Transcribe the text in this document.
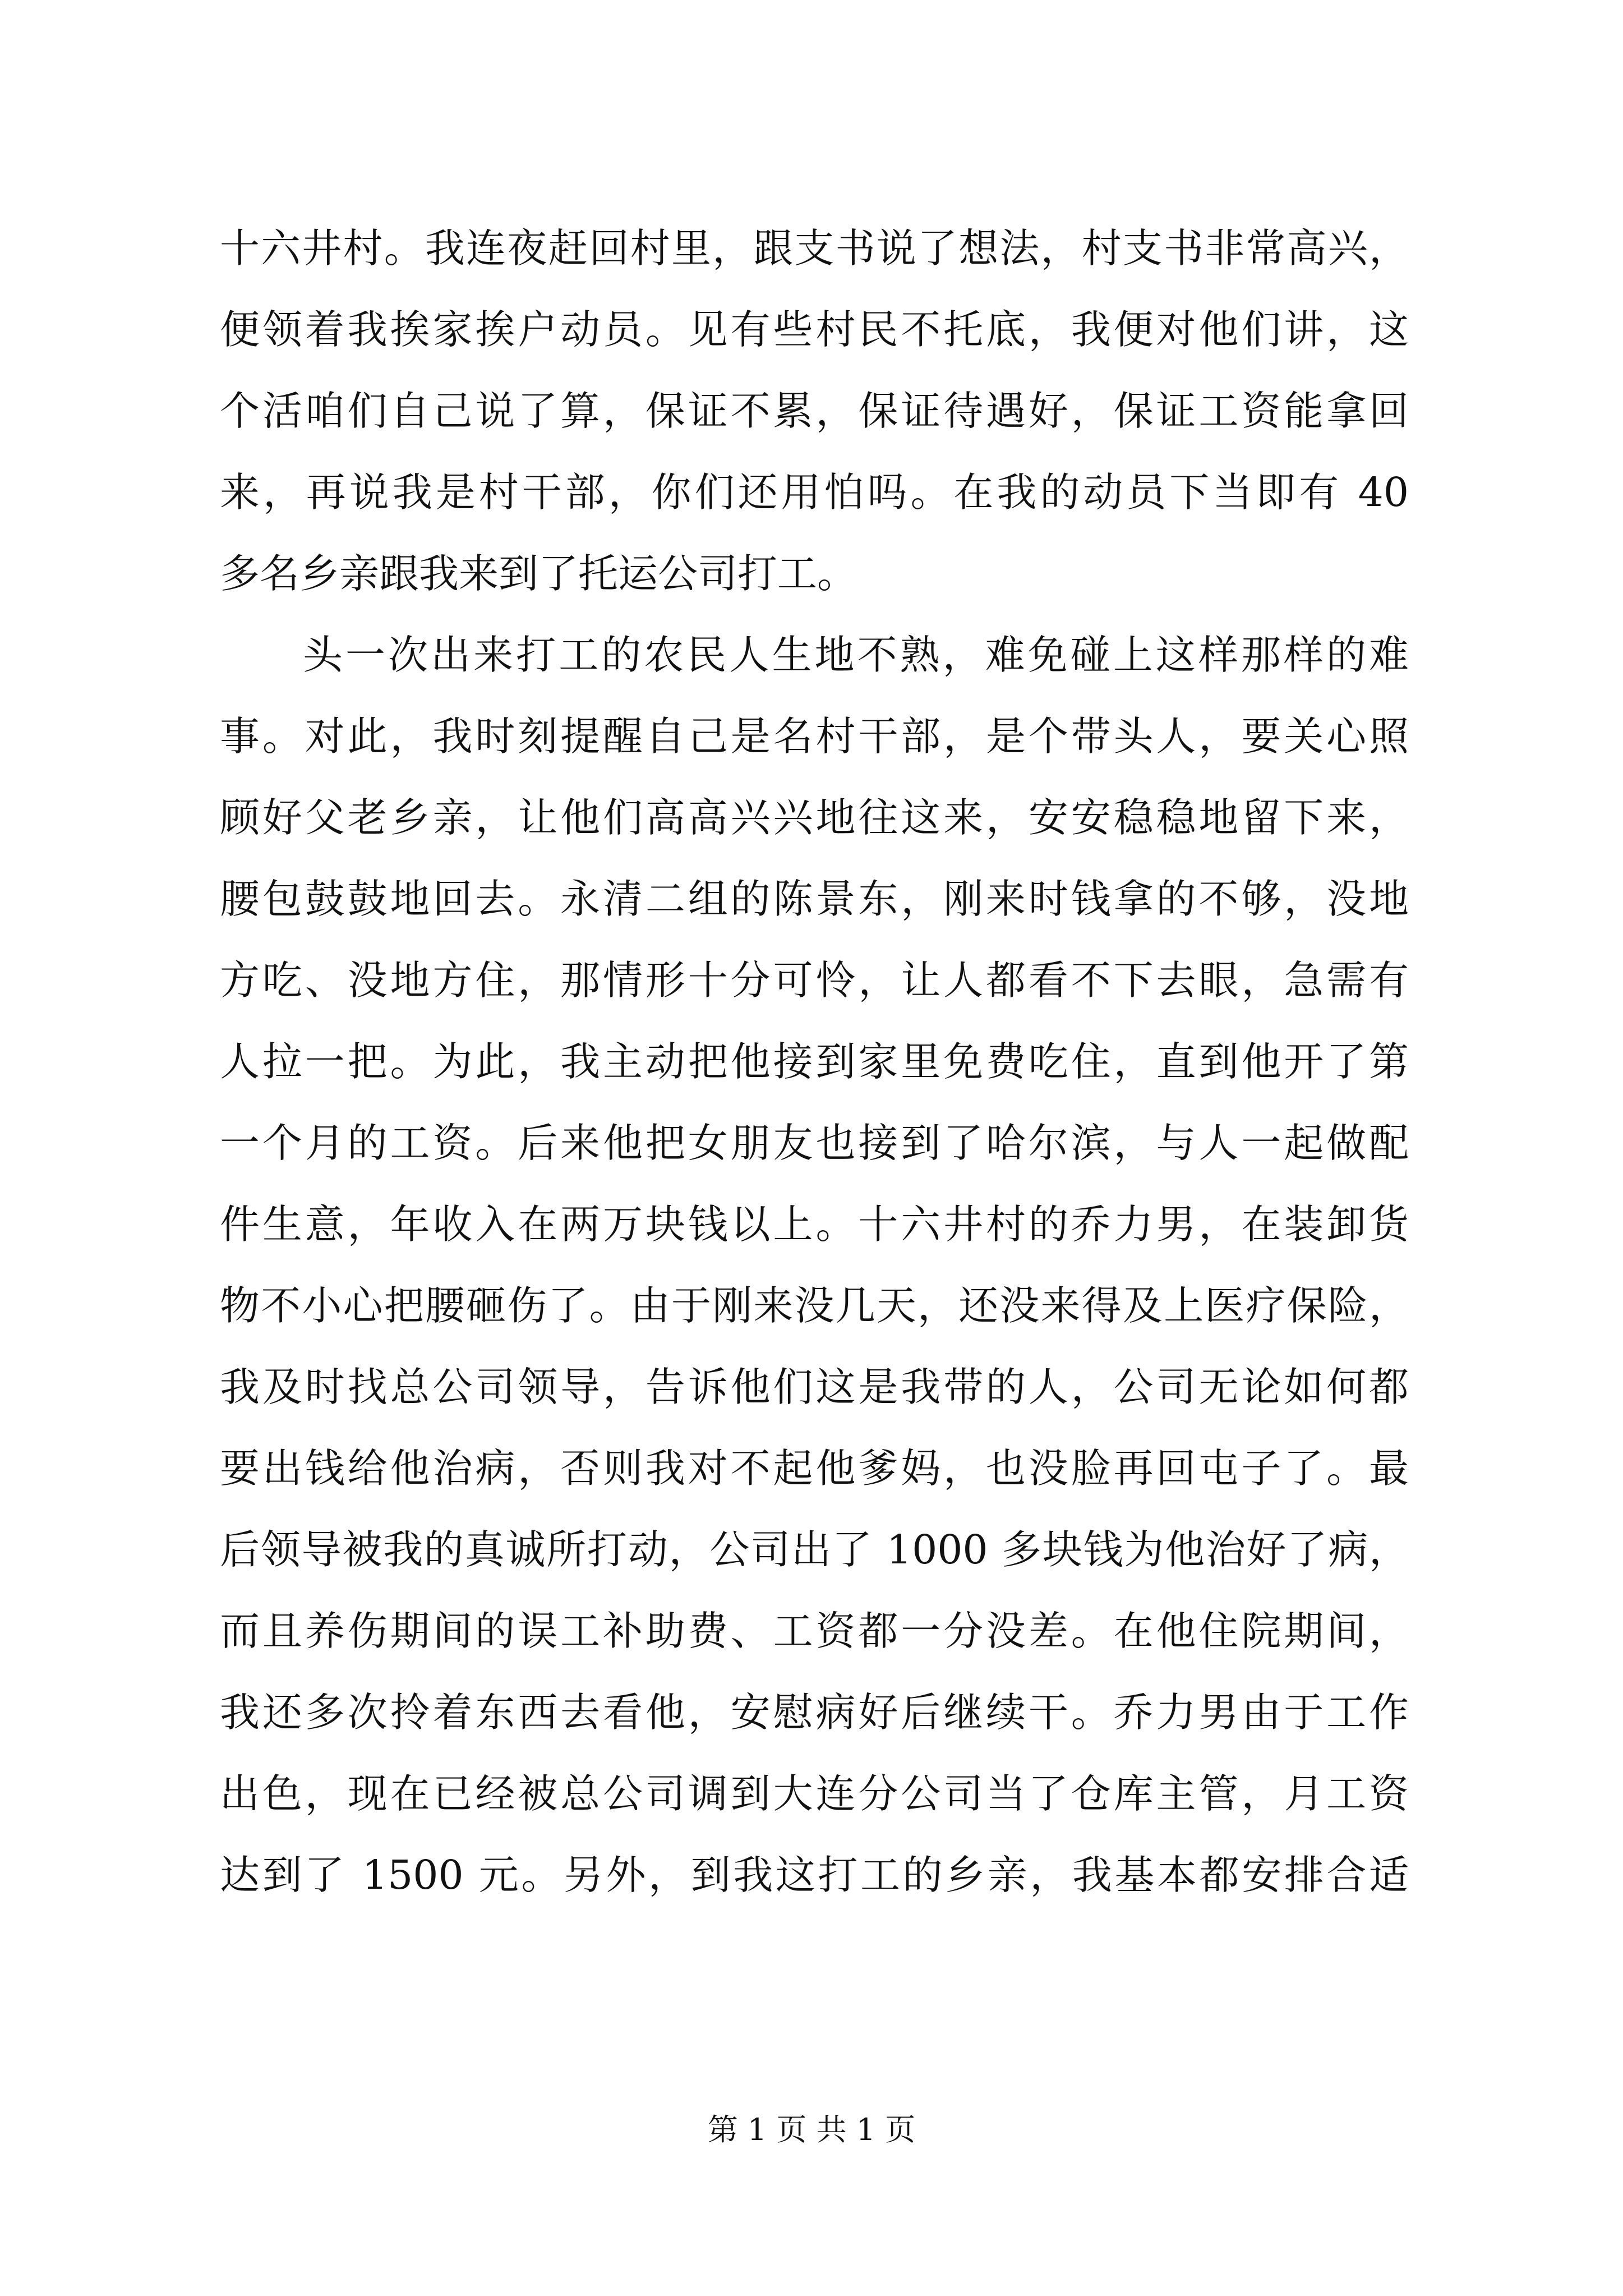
十六井村。我连夜赶回村里，跟支书说了想法，村支书非常高兴，
便领着我挨家挨户动员。见有些村民不托底，我便对他们讲，这
个活咱们自己说了算，保证不累，保证待遇好，保证工资能拿回
来，再说我是村干部，你们还用怕吗。在我的动员下当即有 40
多名乡亲跟我来到了托运公司打工。
头一次出来打工的农民人生地不熟，难免碰上这样那样的难
事。对此，我时刻提醒自己是名村干部，是个带头人，要关心照
顾好父老乡亲，让他们高高兴兴地往这来，安安稳稳地留下来，
腰包鼓鼓地回去。永清二组的陈景东，刚来时钱拿的不够，没地
方吃、没地方住，那情形十分可怜，让人都看不下去眼，急需有
人拉一把。为此，我主动把他接到家里免费吃住，直到他开了第
一个月的工资。后来他把女朋友也接到了哈尔滨，与人一起做配
件生意，年收入在两万块钱以上。十六井村的乔力男，在装卸货
物不小心把腰砸伤了。由于刚来没几天，还没来得及上医疗保险，
我及时找总公司领导，告诉他们这是我带的人，公司无论如何都
要出钱给他治病，否则我对不起他爹妈，也没脸再回屯子了。最
后领导被我的真诚所打动，公司出了 1000 多块钱为他治好了病，
而且养伤期间的误工补助费、工资都一分没差。在他住院期间，
我还多次拎着东西去看他，安慰病好后继续干。乔力男由于工作
出色，现在已经被总公司调到大连分公司当了仓库主管，月工资
达到了 1500 元。另外，到我这打工的乡亲，我基本都安排合适
第 1 页 共 1 页
